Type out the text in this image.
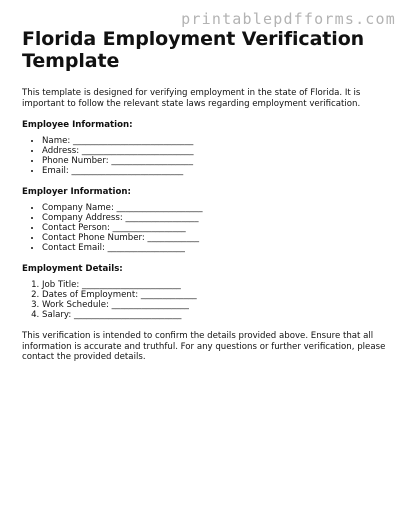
printablepdfforms.com
Florida Employment Verification Template

This template is designed for verifying employment in the state of Florida. It is important to follow the relevant state laws regarding employment verification.

Employee Information:
• Name: ____________________________
• Address: __________________________
• Phone Number: ___________________
• Email: __________________________
Employer Information:
• Company Name: ____________________
• Company Address: _________________
• Contact Person: _________________
• Contact Phone Number: ____________
• Contact Email: __________________
Employment Details:
1. Job Title: _______________________
2. Dates of Employment: _____________
3. Work Schedule: __________________
4. Salary: _________________________

This verification is intended to confirm the details provided above. Ensure that all information is accurate and truthful. For any questions or further verification, please contact the provided details.
